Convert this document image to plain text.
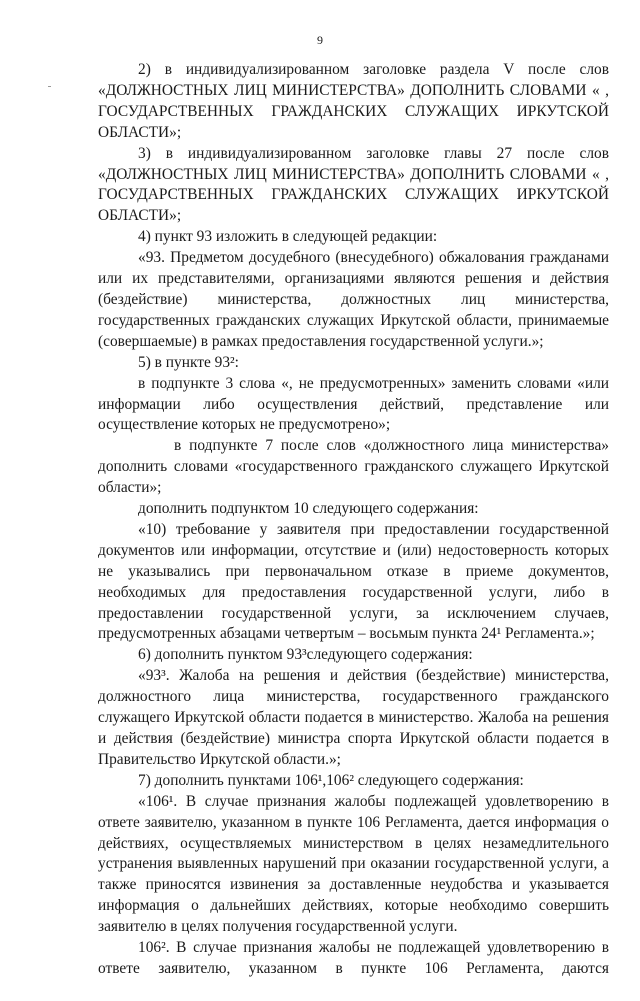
9

2) в индивидуализированном заголовке раздела V после слов «ДОЛЖНОСТНЫХ ЛИЦ МИНИСТЕРСТВА» ДОПОЛНИТЬ СЛОВАМИ « , ГОСУДАРСТВЕННЫХ ГРАЖДАНСКИХ СЛУЖАЩИХ ИРКУТСКОЙ ОБЛАСТИ»;

3) в индивидуализированном заголовке главы 27 после слов «ДОЛЖНОСТНЫХ ЛИЦ МИНИСТЕРСТВА» ДОПОЛНИТЬ СЛОВАМИ « , ГОСУДАРСТВЕННЫХ ГРАЖДАНСКИХ СЛУЖАЩИХ ИРКУТСКОЙ ОБЛАСТИ»;

4) пункт 93 изложить в следующей редакции:

«93. Предметом досудебного (внесудебного) обжалования гражданами или их представителями, организациями являются решения и действия (бездействие) министерства, должностных лиц министерства, государственных гражданских служащих Иркутской области, принимаемые (совершаемые) в рамках предоставления государственной услуги.»;

5) в пункте 93²:

в подпункте 3 слова «, не предусмотренных» заменить словами «или информации либо осуществления действий, представление или осуществление которых не предусмотрено»;

в подпункте 7 после слов «должностного лица министерства» дополнить словами «государственного гражданского служащего Иркутской области»;

дополнить подпунктом 10 следующего содержания:

«10) требование у заявителя при предоставлении государственной документов или информации, отсутствие и (или) недостоверность которых не указывались при первоначальном отказе в приеме документов, необходимых для предоставления государственной услуги, либо в предоставлении государственной услуги, за исключением случаев, предусмотренных абзацами четвертым – восьмым пункта 24¹ Регламента.»;

6) дополнить пунктом 93³следующего содержания:

«93³. Жалоба на решения и действия (бездействие) министерства, должностного лица министерства, государственного гражданского служащего Иркутской области подается в министерство. Жалоба на решения и действия (бездействие) министра спорта Иркутской области подается в Правительство Иркутской области.»;

7) дополнить пунктами 106¹,106² следующего содержания:

«106¹. В случае признания жалобы подлежащей удовлетворению в ответе заявителю, указанном в пункте 106 Регламента, дается информация о действиях, осуществляемых министерством в целях незамедлительного устранения выявленных нарушений при оказании государственной услуги, а также приносятся извинения за доставленные неудобства и указывается информация о дальнейших действиях, которые необходимо совершить заявителю в целях получения государственной услуги.

106². В случае признания жалобы не подлежащей удовлетворению в ответе заявителю, указанном в пункте 106 Регламента, даются
